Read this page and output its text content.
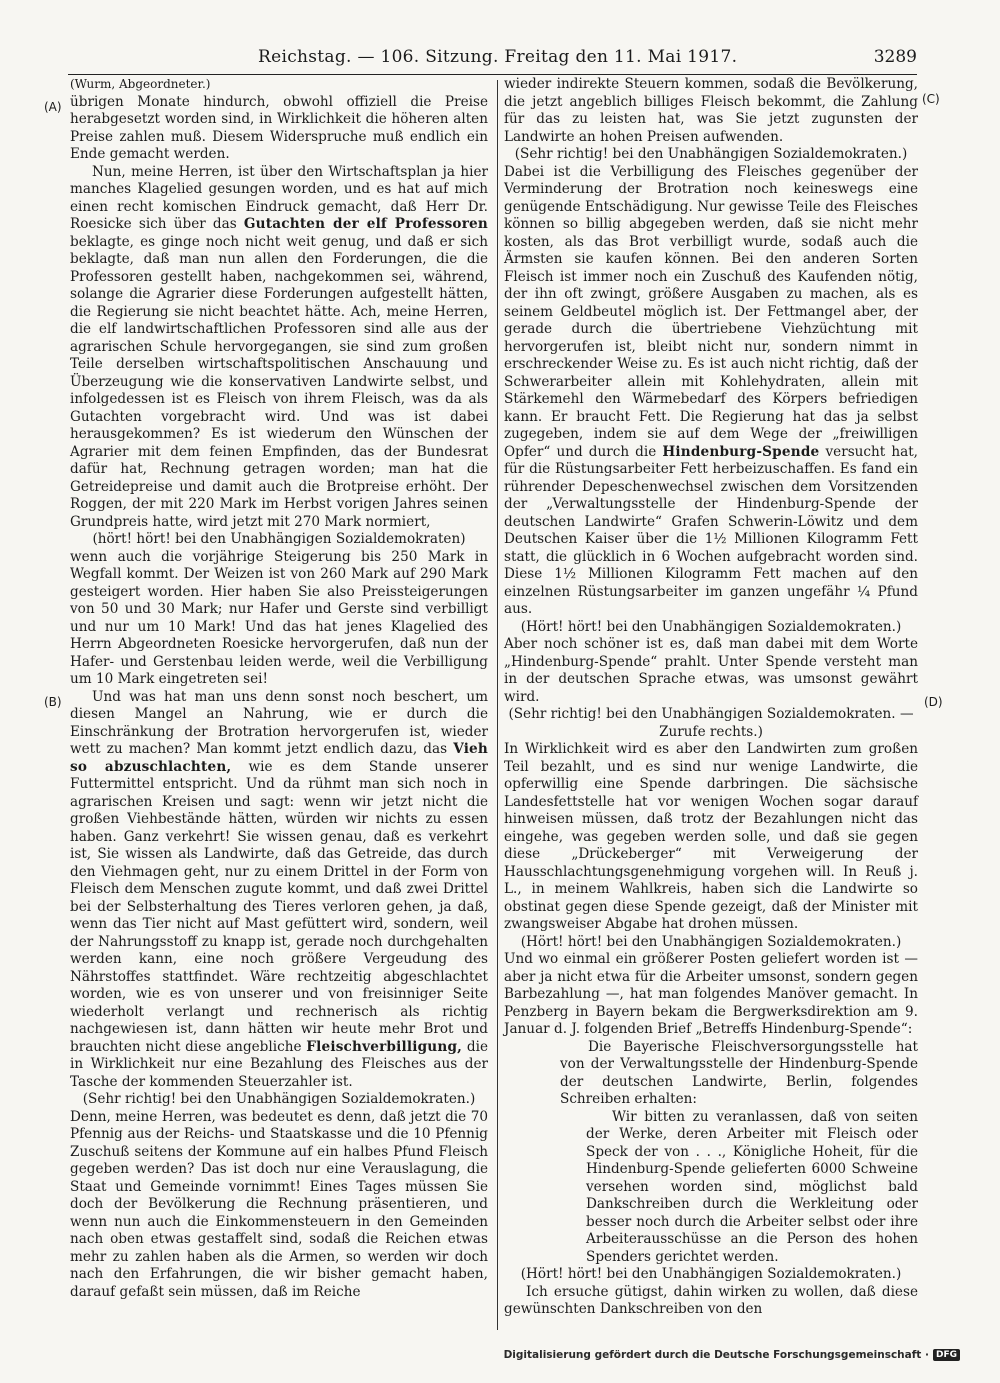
Reichstag. — 106. Sitzung. Freitag den 11. Mai 1917.	3289
(A)
(B)
(C)
(D)

(Wurm, Abgeordneter.)

übrigen Monate hindurch, obwohl offiziell die Preise herabgesetzt worden sind, in Wirklichkeit die höheren alten Preise zahlen muß. Diesem Widerspruche muß endlich ein Ende gemacht werden.

Nun, meine Herren, ist über den Wirtschaftsplan ja hier manches Klagelied gesungen worden, und es hat auf mich einen recht komischen Eindruck gemacht, daß Herr Dr. Roesicke sich über das Gutachten der elf Professoren beklagte, es ginge noch nicht weit genug, und daß er sich beklagte, daß man nun allen den Forderungen, die die Professoren gestellt haben, nachgekommen sei, während, solange die Agrarier diese Forderungen aufgestellt hätten, die Regierung sie nicht beachtet hätte. Ach, meine Herren, die elf landwirtschaftlichen Professoren sind alle aus der agrarischen Schule hervorgegangen, sie sind zum großen Teile derselben wirtschaftspolitischen Anschauung und Überzeugung wie die konservativen Landwirte selbst, und infolgedessen ist es Fleisch von ihrem Fleisch, was da als Gutachten vorgebracht wird. Und was ist dabei herausgekommen? Es ist wiederum den Wünschen der Agrarier mit dem feinen Empfinden, das der Bundesrat dafür hat, Rechnung getragen worden; man hat die Getreidepreise und damit auch die Brotpreise erhöht. Der Roggen, der mit 220 Mark im Herbst vorigen Jahres seinen Grundpreis hatte, wird jetzt mit 270 Mark normiert,

(hört! hört! bei den Unabhängigen Sozialdemokraten)

wenn auch die vorjährige Steigerung bis 250 Mark in Wegfall kommt. Der Weizen ist von 260 Mark auf 290 Mark gesteigert worden. Hier haben Sie also Preissteigerungen von 50 und 30 Mark; nur Hafer und Gerste sind verbilligt und nur um 10 Mark! Und das hat jenes Klagelied des Herrn Abgeordneten Roesicke hervorgerufen, daß nun der Hafer- und Gerstenbau leiden werde, weil die Verbilligung um 10 Mark eingetreten sei!

Und was hat man uns denn sonst noch beschert, um diesen Mangel an Nahrung, wie er durch die Einschränkung der Brotration hervorgerufen ist, wieder wett zu machen? Man kommt jetzt endlich dazu, das Vieh so abzuschlachten, wie es dem Stande unserer Futtermittel entspricht. Und da rühmt man sich noch in agrarischen Kreisen und sagt: wenn wir jetzt nicht die großen Viehbestände hätten, würden wir nichts zu essen haben. Ganz verkehrt! Sie wissen genau, daß es verkehrt ist, Sie wissen als Landwirte, daß das Getreide, das durch den Viehmagen geht, nur zu einem Drittel in der Form von Fleisch dem Menschen zugute kommt, und daß zwei Drittel bei der Selbsterhaltung des Tieres verloren gehen, ja daß, wenn das Tier nicht auf Mast gefüttert wird, sondern, weil der Nahrungsstoff zu knapp ist, gerade noch durchgehalten werden kann, eine noch größere Vergeudung des Nährstoffes stattfindet. Wäre rechtzeitig abgeschlachtet worden, wie es von unserer und von freisinniger Seite wiederholt verlangt und rechnerisch als richtig nachgewiesen ist, dann hätten wir heute mehr Brot und brauchten nicht diese angebliche Fleischverbilligung, die in Wirklichkeit nur eine Bezahlung des Fleisches aus der Tasche der kommenden Steuerzahler ist.

(Sehr richtig! bei den Unabhängigen Sozialdemokraten.)

Denn, meine Herren, was bedeutet es denn, daß jetzt die 70 Pfennig aus der Reichs- und Staatskasse und die 10 Pfennig Zuschuß seitens der Kommune auf ein halbes Pfund Fleisch gegeben werden? Das ist doch nur eine Verauslagung, die Staat und Gemeinde vornimmt! Eines Tages müssen Sie doch der Bevölkerung die Rechnung präsentieren, und wenn nun auch die Einkommensteuern in den Gemeinden nach oben etwas gestaffelt sind, sodaß die Reichen etwas mehr zu zahlen haben als die Armen, so werden wir doch nach den Erfahrungen, die wir bisher gemacht haben, darauf gefaßt sein müssen, daß im Reiche

wieder indirekte Steuern kommen, sodaß die Bevölkerung, die jetzt angeblich billiges Fleisch bekommt, die Zahlung für das zu leisten hat, was Sie jetzt zugunsten der Landwirte an hohen Preisen aufwenden.

(Sehr richtig! bei den Unabhängigen Sozialdemokraten.)

Dabei ist die Verbilligung des Fleisches gegenüber der Verminderung der Brotration noch keineswegs eine genügende Entschädigung. Nur gewisse Teile des Fleisches können so billig abgegeben werden, daß sie nicht mehr kosten, als das Brot verbilligt wurde, sodaß auch die Ärmsten sie kaufen können. Bei den anderen Sorten Fleisch ist immer noch ein Zuschuß des Kaufenden nötig, der ihn oft zwingt, größere Ausgaben zu machen, als es seinem Geldbeutel möglich ist. Der Fettmangel aber, der gerade durch die übertriebene Viehzüchtung mit hervorgerufen ist, bleibt nicht nur, sondern nimmt in erschreckender Weise zu. Es ist auch nicht richtig, daß der Schwerarbeiter allein mit Kohlehydraten, allein mit Stärkemehl den Wärmebedarf des Körpers befriedigen kann. Er braucht Fett. Die Regierung hat das ja selbst zugegeben, indem sie auf dem Wege der „freiwilligen Opfer“ und durch die Hindenburg-Spende versucht hat, für die Rüstungsarbeiter Fett herbeizuschaffen. Es fand ein rührender Depeschenwechsel zwischen dem Vorsitzenden der „Verwaltungsstelle der Hindenburg-Spende der deutschen Landwirte“ Grafen Schwerin-Löwitz und dem Deutschen Kaiser über die 1½ Millionen Kilogramm Fett statt, die glücklich in 6 Wochen aufgebracht worden sind. Diese 1½ Millionen Kilogramm Fett machen auf den einzelnen Rüstungsarbeiter im ganzen ungefähr ¼ Pfund aus.

(Hört! hört! bei den Unabhängigen Sozialdemokraten.)

Aber noch schöner ist es, daß man dabei mit dem Worte „Hindenburg-Spende“ prahlt. Unter Spende versteht man in der deutschen Sprache etwas, was umsonst gewährt wird.

(Sehr richtig! bei den Unabhängigen Sozialdemokraten. — Zurufe rechts.)

In Wirklichkeit wird es aber den Landwirten zum großen Teil bezahlt, und es sind nur wenige Landwirte, die opferwillig eine Spende darbringen. Die sächsische Landesfettstelle hat vor wenigen Wochen sogar darauf hinweisen müssen, daß trotz der Bezahlungen nicht das eingehe, was gegeben werden solle, und daß sie gegen diese „Drückeberger“ mit Verweigerung der Hausschlachtungsgenehmigung vorgehen will. In Reuß j. L., in meinem Wahlkreis, haben sich die Landwirte so obstinat gegen diese Spende gezeigt, daß der Minister mit zwangsweiser Abgabe hat drohen müssen.

(Hört! hört! bei den Unabhängigen Sozialdemokraten.)

Und wo einmal ein größerer Posten geliefert worden ist — aber ja nicht etwa für die Arbeiter umsonst, sondern gegen Barbezahlung —, hat man folgendes Manöver gemacht. In Penzberg in Bayern bekam die Bergwerksdirektion am 9. Januar d. J. folgenden Brief „Betreffs Hindenburg-Spende“:

Die Bayerische Fleischversorgungsstelle hat von der Verwaltungsstelle der Hindenburg-Spende der deutschen Landwirte, Berlin, folgendes Schreiben erhalten:

Wir bitten zu veranlassen, daß von seiten der Werke, deren Arbeiter mit Fleisch oder Speck der von . . ., Königliche Hoheit, für die Hindenburg-Spende gelieferten 6000 Schweine versehen worden sind, möglichst bald Dankschreiben durch die Werkleitung oder besser noch durch die Arbeiter selbst oder ihre Arbeiterausschüsse an die Person des hohen Spenders gerichtet werden.

(Hört! hört! bei den Unabhängigen Sozialdemokraten.)

Ich ersuche gütigst, dahin wirken zu wollen, daß diese gewünschten Dankschreiben von den

Digitalisierung gefördert durch die Deutsche Forschungsgemeinschaft · DFG
